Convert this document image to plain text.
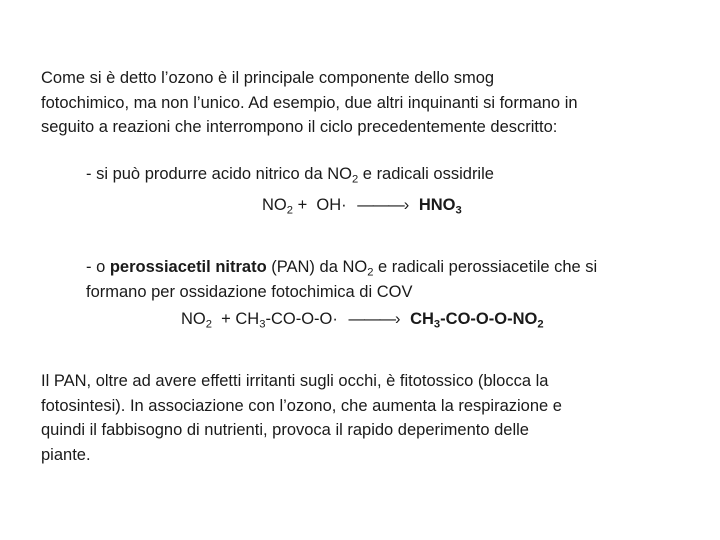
Come si è detto l’ozono è il principale componente dello smog
fotochimico, ma non l’unico. Ad esempio, due altri inquinanti si formano in
seguito a reazioni che interrompono il ciclo precedentemente descritto:

- si può produrre acido nitrico da $NO_2$ e radicali ossidrile

$NO_2 + OH\cdot$ ———› $HNO_3$

- o perossiacetil nitrato (PAN) da $NO_2$ e radicali perossiacetile che si
formano per ossidazione fotochimica di COV

$NO_2 + CH_3-CO-O-O\cdot$ ———› $CH_3-CO-O-O-NO_2$

Il PAN, oltre ad avere effetti irritanti sugli occhi, è fitotossico (blocca la
fotosintesi). In associazione con l’ozono, che aumenta la respirazione e
quindi il fabbisogno di nutrienti, provoca il rapido deperimento delle
piante.
